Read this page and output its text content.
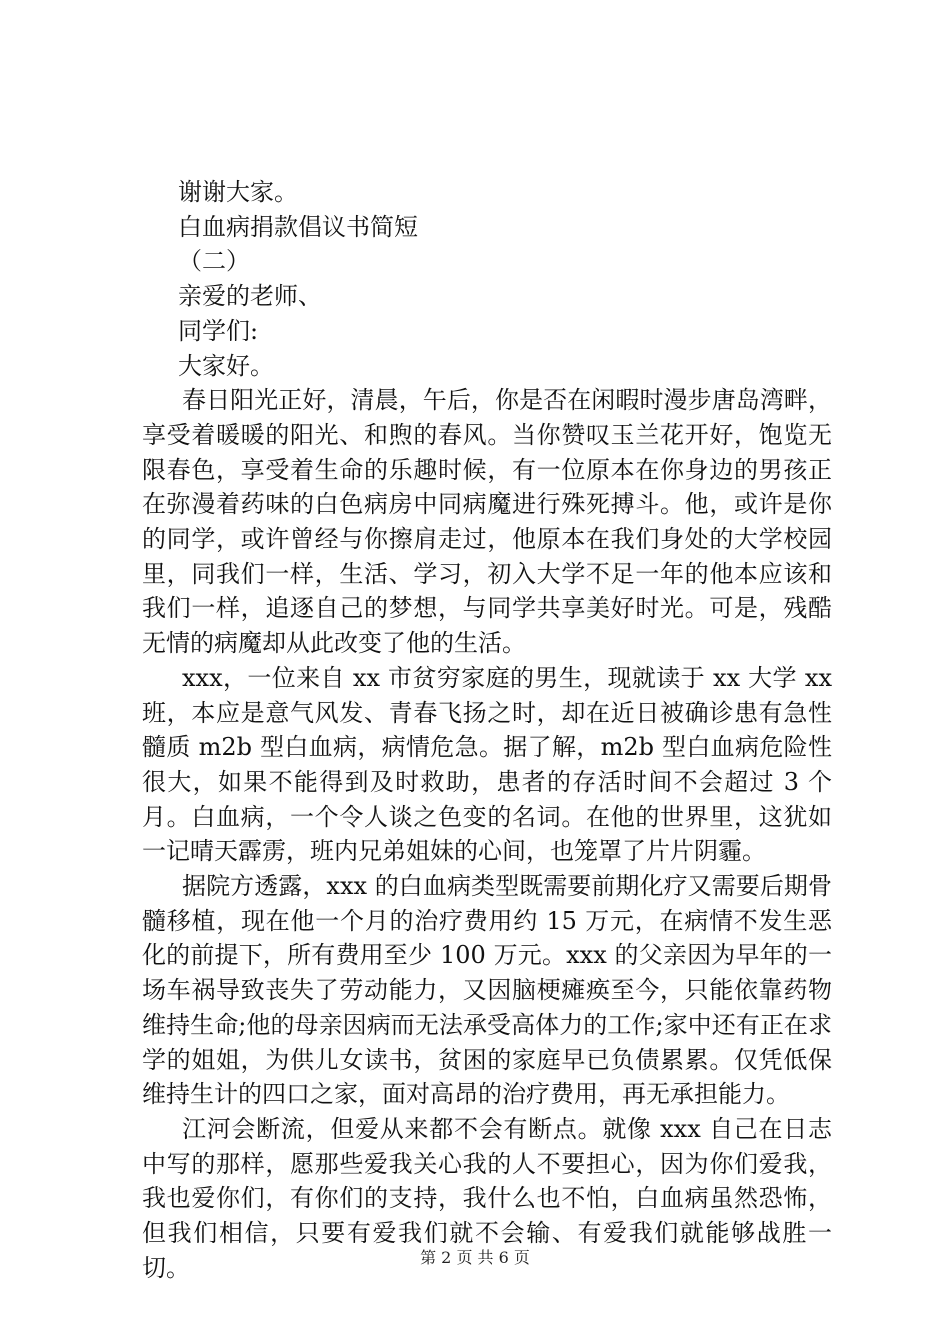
谢谢大家。

白血病捐款倡议书简短

（二）

亲爱的老师、

同学们:

大家好。

春日阳光正好，清晨，午后，你是否在闲暇时漫步唐岛湾畔，享受着暖暖的阳光、和煦的春风。当你赞叹玉兰花开好，饱览无限春色，享受着生命的乐趣时候，有一位原本在你身边的男孩正在弥漫着药味的白色病房中同病魔进行殊死搏斗。他，或许是你的同学，或许曾经与你擦肩走过，他原本在我们身处的大学校园里，同我们一样，生活、学习，初入大学不足一年的他本应该和我们一样，追逐自己的梦想，与同学共享美好时光。可是，残酷无情的病魔却从此改变了他的生活。

xxx，一位来自 xx 市贫穷家庭的男生，现就读于 xx 大学 xx 班，本应是意气风发、青春飞扬之时，却在近日被确诊患有急性髓质 m2b 型白血病，病情危急。据了解，m2b 型白血病危险性很大，如果不能得到及时救助，患者的存活时间不会超过 3 个月。白血病，一个令人谈之色变的名词。在他的世界里，这犹如一记晴天霹雳，班内兄弟姐妹的心间，也笼罩了片片阴霾。

据院方透露，xxx 的白血病类型既需要前期化疗又需要后期骨髓移植，现在他一个月的治疗费用约 15 万元，在病情不发生恶化的前提下，所有费用至少 100 万元。xxx 的父亲因为早年的一场车祸导致丧失了劳动能力，又因脑梗瘫痪至今，只能依靠药物维持生命;他的母亲因病而无法承受高体力的工作;家中还有正在求学的姐姐，为供儿女读书，贫困的家庭早已负债累累。仅凭低保维持生计的四口之家，面对高昂的治疗费用，再无承担能力。

江河会断流，但爱从来都不会有断点。就像 xxx 自己在日志中写的那样，愿那些爱我关心我的人不要担心，因为你们爱我，我也爱你们，有你们的支持，我什么也不怕，白血病虽然恐怖，但我们相信，只要有爱我们就不会输、有爱我们就能够战胜一切。	第 2 页 共 6 页
